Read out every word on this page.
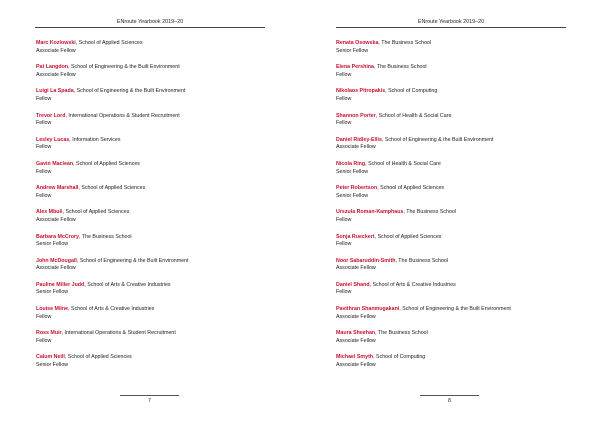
ENroute Yearbook 2019–20
Marc Kozlowski, School of Applied Sciences
Associate Fellow
Pat Langdon, School of Engineering & the Built Environment
Associate Fellow
Luigi La Spada, School of Engineering & the Built Environment
Fellow
Trevor Lord, International Operations & Student Recruitment
Fellow
Lesley Lucas, Information Services
Fellow
Gavin Maclean, School of Applied Sciences
Fellow
Andrew Marshall, School of Applied Sciences
Fellow
Alex Mbuli, School of Applied Sciences
Associate Fellow
Barbara McCrory, The Business School
Senior Fellow
John McDougall, School of Engineering & the Built Environment
Associate Fellow
Pauline Miller Judd, School of Arts & Creative Industries
Senior Fellow
Louise Milne, School of Arts & Creative Industries
Fellow
Ross Muir, International Operations & Student Recruitment
Fellow
Calum Neill, School of Applied Sciences
Senior Fellow
7
ENroute Yearbook 2019–20
Renata Osowska, The Business School
Senior Fellow
Elena Pershina, The Business School
Fellow
Nikolaos Pitropakis, School of Computing
Fellow
Shannon Porter, School of Health & Social Care
Fellow
Daniel Ridley-Ellis, School of Engineering & the Built Environment
Associate Fellow
Nicola Ring, School of Health & Social Care
Senior Fellow
Peter Robertson, School of Applied Sciences
Senior Fellow
Urszula Roman-Kamphaus, The Business School
Fellow
Sonja Rueckert, School of Applied Sciences
Fellow
Noor Sabaruddin-Smith, The Business School
Associate Fellow
Daniel Shand, School of Arts & Creative Industries
Fellow
Pavithran Shanmugakani, School of Engineering & the Built Environment
Associate Fellow
Maura Sheehan, The Business School
Associate Fellow
Michael Smyth, School of Computing
Associate Fellow
8
